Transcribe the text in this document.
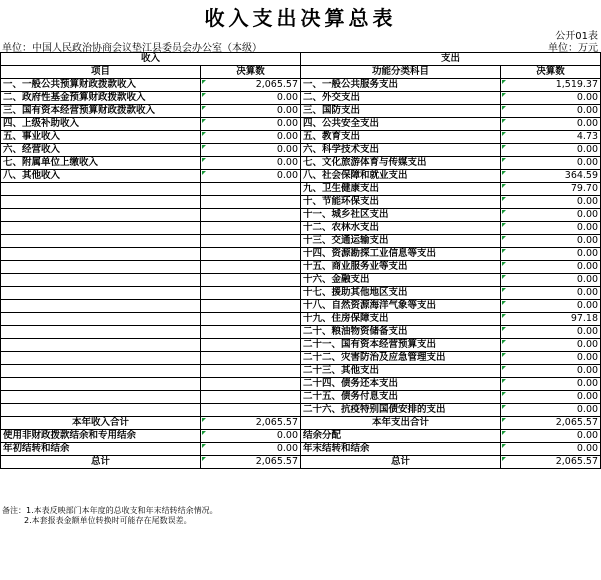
收入支出决算总表
公开01表
单位：中国人民政治协商会议垫江县委员会办公室（本级）	单位：万元
收入		支出	
项目	决算数	功能分类科目	决算数
一、一般公共预算财政拨款收入	2,065.57	一、一般公共服务支出	1,519.37
二、政府性基金预算财政拨款收入	0.00	二、外交支出	0.00
三、国有资本经营预算财政拨款收入	0.00	三、国防支出	0.00
四、上级补助收入	0.00	四、公共安全支出	0.00
五、事业收入	0.00	五、教育支出	4.73
六、经营收入	0.00	六、科学技术支出	0.00
七、附属单位上缴收入	0.00	七、文化旅游体育与传媒支出	0.00
八、其他收入	0.00	八、社会保障和就业支出	364.59
		九、卫生健康支出	79.70
		十、节能环保支出	0.00
		十一、城乡社区支出	0.00
		十二、农林水支出	0.00
		十三、交通运输支出	0.00
		十四、资源勘探工业信息等支出	0.00
		十五、商业服务业等支出	0.00
		十六、金融支出	0.00
		十七、援助其他地区支出	0.00
		十八、自然资源海洋气象等支出	0.00
		十九、住房保障支出	97.18
		二十、粮油物资储备支出	0.00
		二十一、国有资本经营预算支出	0.00
		二十二、灾害防治及应急管理支出	0.00
		二十三、其他支出	0.00
		二十四、债务还本支出	0.00
		二十五、债务付息支出	0.00
		二十六、抗疫特别国债安排的支出	0.00
本年收入合计	2,065.57	本年支出合计	2,065.57
使用非财政拨款结余和专用结余	0.00	结余分配	0.00
年初结转和结余	0.00	年末结转和结余	0.00
总计	2,065.57	总计	2,065.57
备注：1.本表反映部门本年度的总收支和年末结转结余情况。
2.本套报表金额单位转换时可能存在尾数误差。
